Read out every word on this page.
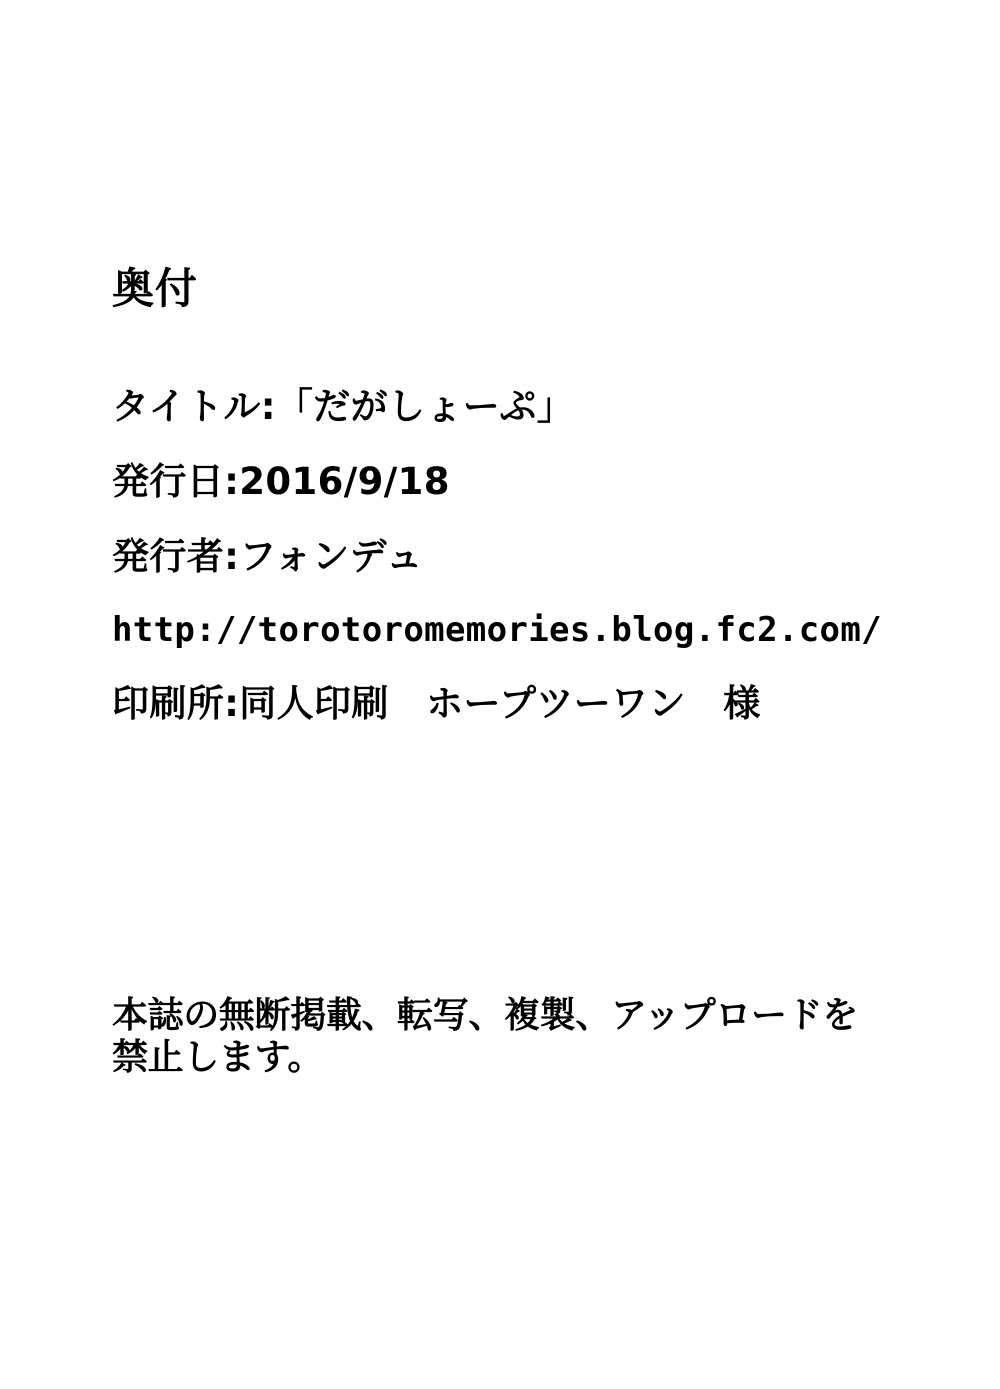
奥付
タイトル:「だがしょーぷ」
発行日:2016/9/18
発行者:フォンデュ
http://torotoromemories.blog.fc2.com/
印刷所:同人印刷　ホープツーワン　様
本誌の無断掲載、転写、複製、アップロードを
禁止します。
